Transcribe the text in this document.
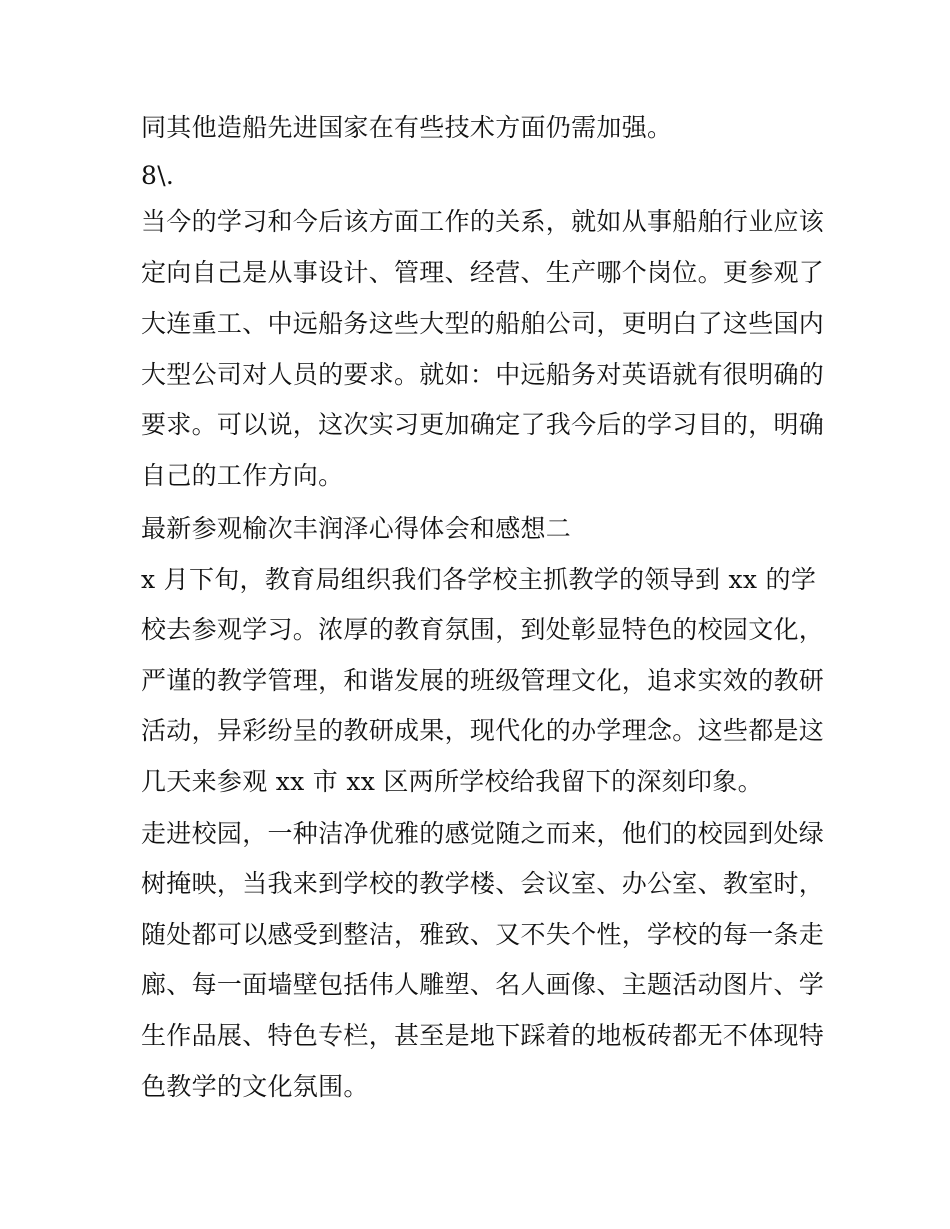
同其他造船先进国家在有些技术方面仍需加强。
8\.
当今的学习和今后该方面工作的关系，就如从事船舶行业应该
定向自己是从事设计、管理、经营、生产哪个岗位。更参观了
大连重工、中远船务这些大型的船舶公司，更明白了这些国内
大型公司对人员的要求。就如：中远船务对英语就有很明确的
要求。可以说，这次实习更加确定了我今后的学习目的，明确
自己的工作方向。
最新参观榆次丰润泽心得体会和感想二
x 月下旬，教育局组织我们各学校主抓教学的领导到 xx 的学
校去参观学习。浓厚的教育氛围，到处彰显特色的校园文化，
严谨的教学管理，和谐发展的班级管理文化，追求实效的教研
活动，异彩纷呈的教研成果，现代化的办学理念。这些都是这
几天来参观 xx 市 xx 区两所学校给我留下的深刻印象。
走进校园，一种洁净优雅的感觉随之而来，他们的校园到处绿
树掩映，当我来到学校的教学楼、会议室、办公室、教室时，
随处都可以感受到整洁，雅致、又不失个性，学校的每一条走
廊、每一面墙壁包括伟人雕塑、名人画像、主题活动图片、学
生作品展、特色专栏，甚至是地下踩着的地板砖都无不体现特
色教学的文化氛围。
